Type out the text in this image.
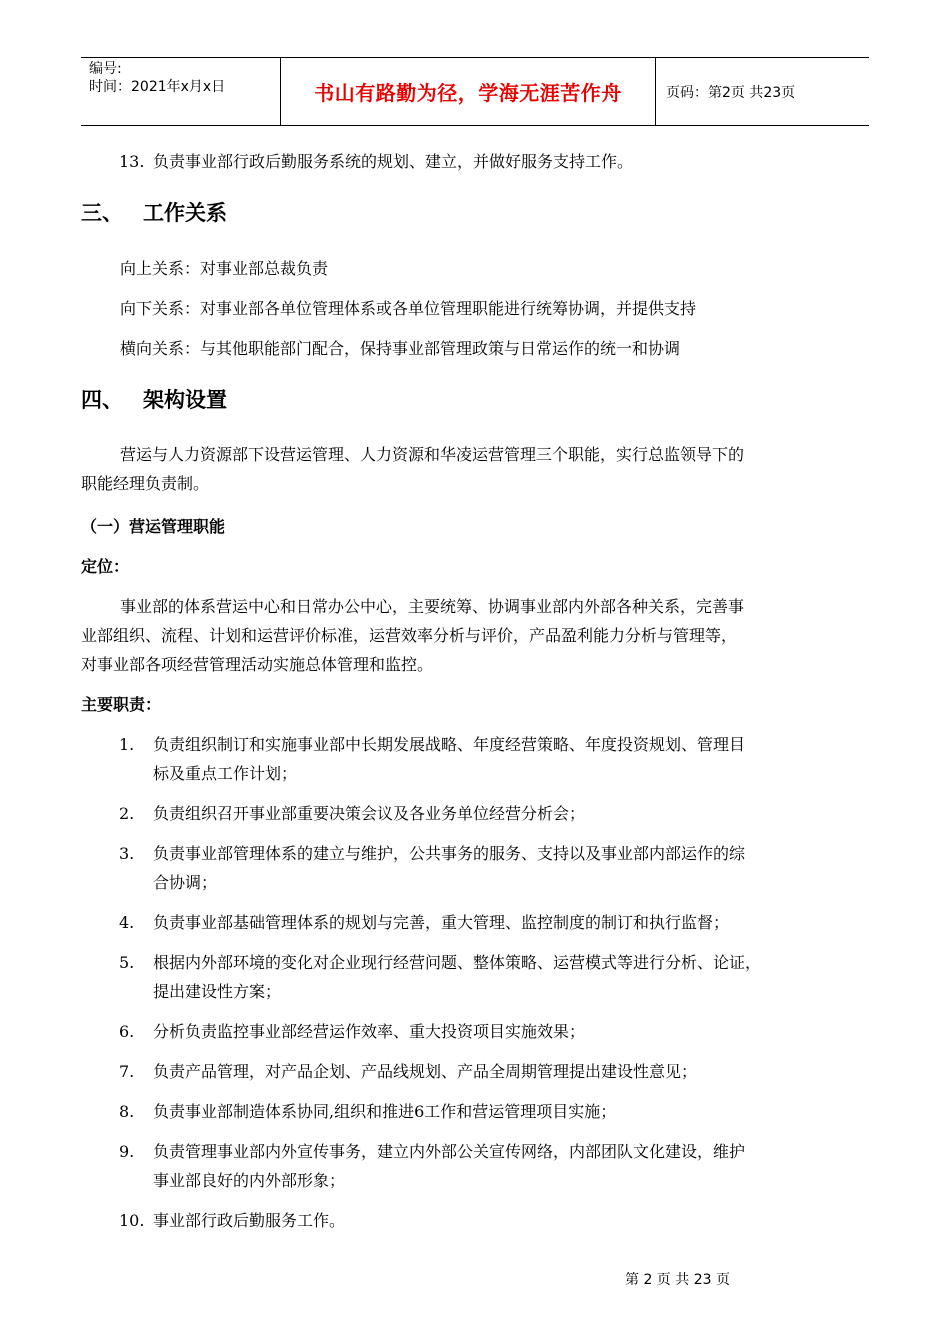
编号:
时间：2021年x月x日	书山有路勤为径，学海无涯苦作舟	页码：第2页 共23页
13. 负责事业部行政后勤服务系统的规划、建立，并做好服务支持工作。
三、 工作关系
向上关系：对事业部总裁负责
向下关系：对事业部各单位管理体系或各单位管理职能进行统筹协调，并提供支持
横向关系：与其他职能部门配合，保持事业部管理政策与日常运作的统一和协调
四、 架构设置
营运与人力资源部下设营运管理、人力资源和华凌运营管理三个职能，实行总监领导下的
职能经理负责制。
（一）营运管理职能
定位：
事业部的体系营运中心和日常办公中心，主要统筹、协调事业部内外部各种关系，完善事
业部组织、流程、计划和运营评价标准，运营效率分析与评价，产品盈利能力分析与管理等，
对事业部各项经营管理活动实施总体管理和监控。
主要职责：
1.	负责组织制订和实施事业部中长期发展战略、年度经营策略、年度投资规划、管理目
标及重点工作计划；
2.	负责组织召开事业部重要决策会议及各业务单位经营分析会；
3.	负责事业部管理体系的建立与维护，公共事务的服务、支持以及事业部内部运作的综
合协调；
4.	负责事业部基础管理体系的规划与完善，重大管理、监控制度的制订和执行监督；
5.	根据内外部环境的变化对企业现行经营问题、整体策略、运营模式等进行分析、论证，
提出建设性方案；
6.	分析负责监控事业部经营运作效率、重大投资项目实施效果；
7.	负责产品管理，对产品企划、产品线规划、产品全周期管理提出建设性意见；
8.	负责事业部制造体系协同,组织和推进6工作和营运管理项目实施；
9.	负责管理事业部内外宣传事务，建立内外部公关宣传网络，内部团队文化建设，维护
事业部良好的内外部形象；
10. 事业部行政后勤服务工作。
第 2 页 共 23 页
